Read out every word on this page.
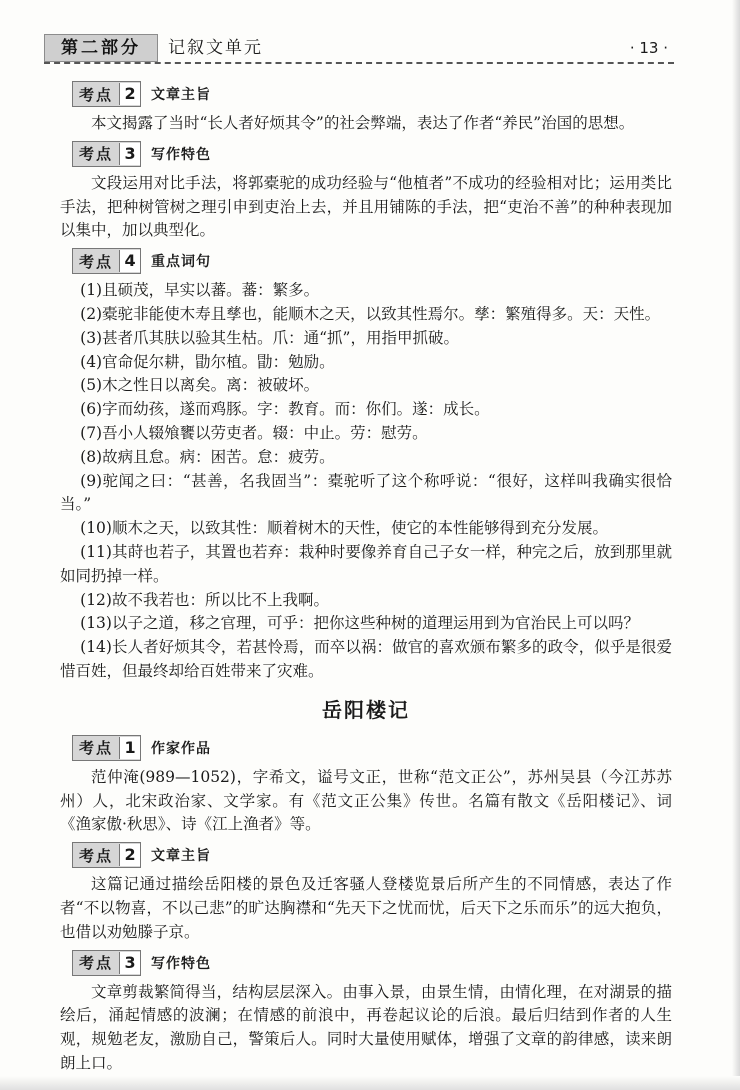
第二部分	记叙文单元	· 13 ·
考点 2	文章主旨

本文揭露了当时“长人者好烦其令”的社会弊端，表达了作者“养民”治国的思想。

考点 3	写作特色

文段运用对比手法，将郭橐驼的成功经验与“他植者”不成功的经验相对比；运用类比手法，把种树管树之理引申到吏治上去，并且用铺陈的手法，把“吏治不善”的种种表现加以集中，加以典型化。

考点 4	重点词句

(1)且硕茂，早实以蕃。蕃：繁多。

(2)橐驼非能使木寿且孳也，能顺木之天，以致其性焉尔。孳：繁殖得多。天：天性。

(3)甚者爪其肤以验其生枯。爪：通“抓”，用指甲抓破。

(4)官命促尔耕，勖尔植。勖：勉励。

(5)木之性日以离矣。离：被破坏。

(6)字而幼孩，遂而鸡豚。字：教育。而：你们。遂：成长。

(7)吾小人辍飧饔以劳吏者。辍：中止。劳：慰劳。

(8)故病且怠。病：困苦。怠：疲劳。

(9)驼闻之曰：“甚善，名我固当”：橐驼听了这个称呼说：“很好，这样叫我确实很恰当。”

(10)顺木之天，以致其性：顺着树木的天性，使它的本性能够得到充分发展。

(11)其莳也若子，其置也若弃：栽种时要像养育自己子女一样，种完之后，放到那里就如同扔掉一样。

(12)故不我若也：所以比不上我啊。

(13)以子之道，移之官理，可乎：把你这些种树的道理运用到为官治民上可以吗？

(14)长人者好烦其令，若甚怜焉，而卒以祸：做官的喜欢颁布繁多的政令，似乎是很爱惜百姓，但最终却给百姓带来了灾难。

岳阳楼记
考点 1	作家作品

范仲淹(989—1052)，字希文，谥号文正，世称“范文正公”，苏州吴县（今江苏苏州）人，北宋政治家、文学家。有《范文正公集》传世。名篇有散文《岳阳楼记》、词《渔家傲·秋思》、诗《江上渔者》等。

考点 2	文章主旨

这篇记通过描绘岳阳楼的景色及迁客骚人登楼览景后所产生的不同情感，表达了作者“不以物喜，不以己悲”的旷达胸襟和“先天下之忧而忧，后天下之乐而乐”的远大抱负，也借以劝勉滕子京。

考点 3	写作特色

文章剪裁繁简得当，结构层层深入。由事入景，由景生情，由情化理，在对湖景的描绘后，涌起情感的波澜；在情感的前浪中，再卷起议论的后浪。最后归结到作者的人生观，规勉老友，激励自己，警策后人。同时大量使用赋体，增强了文章的韵律感，读来朗朗上口。
